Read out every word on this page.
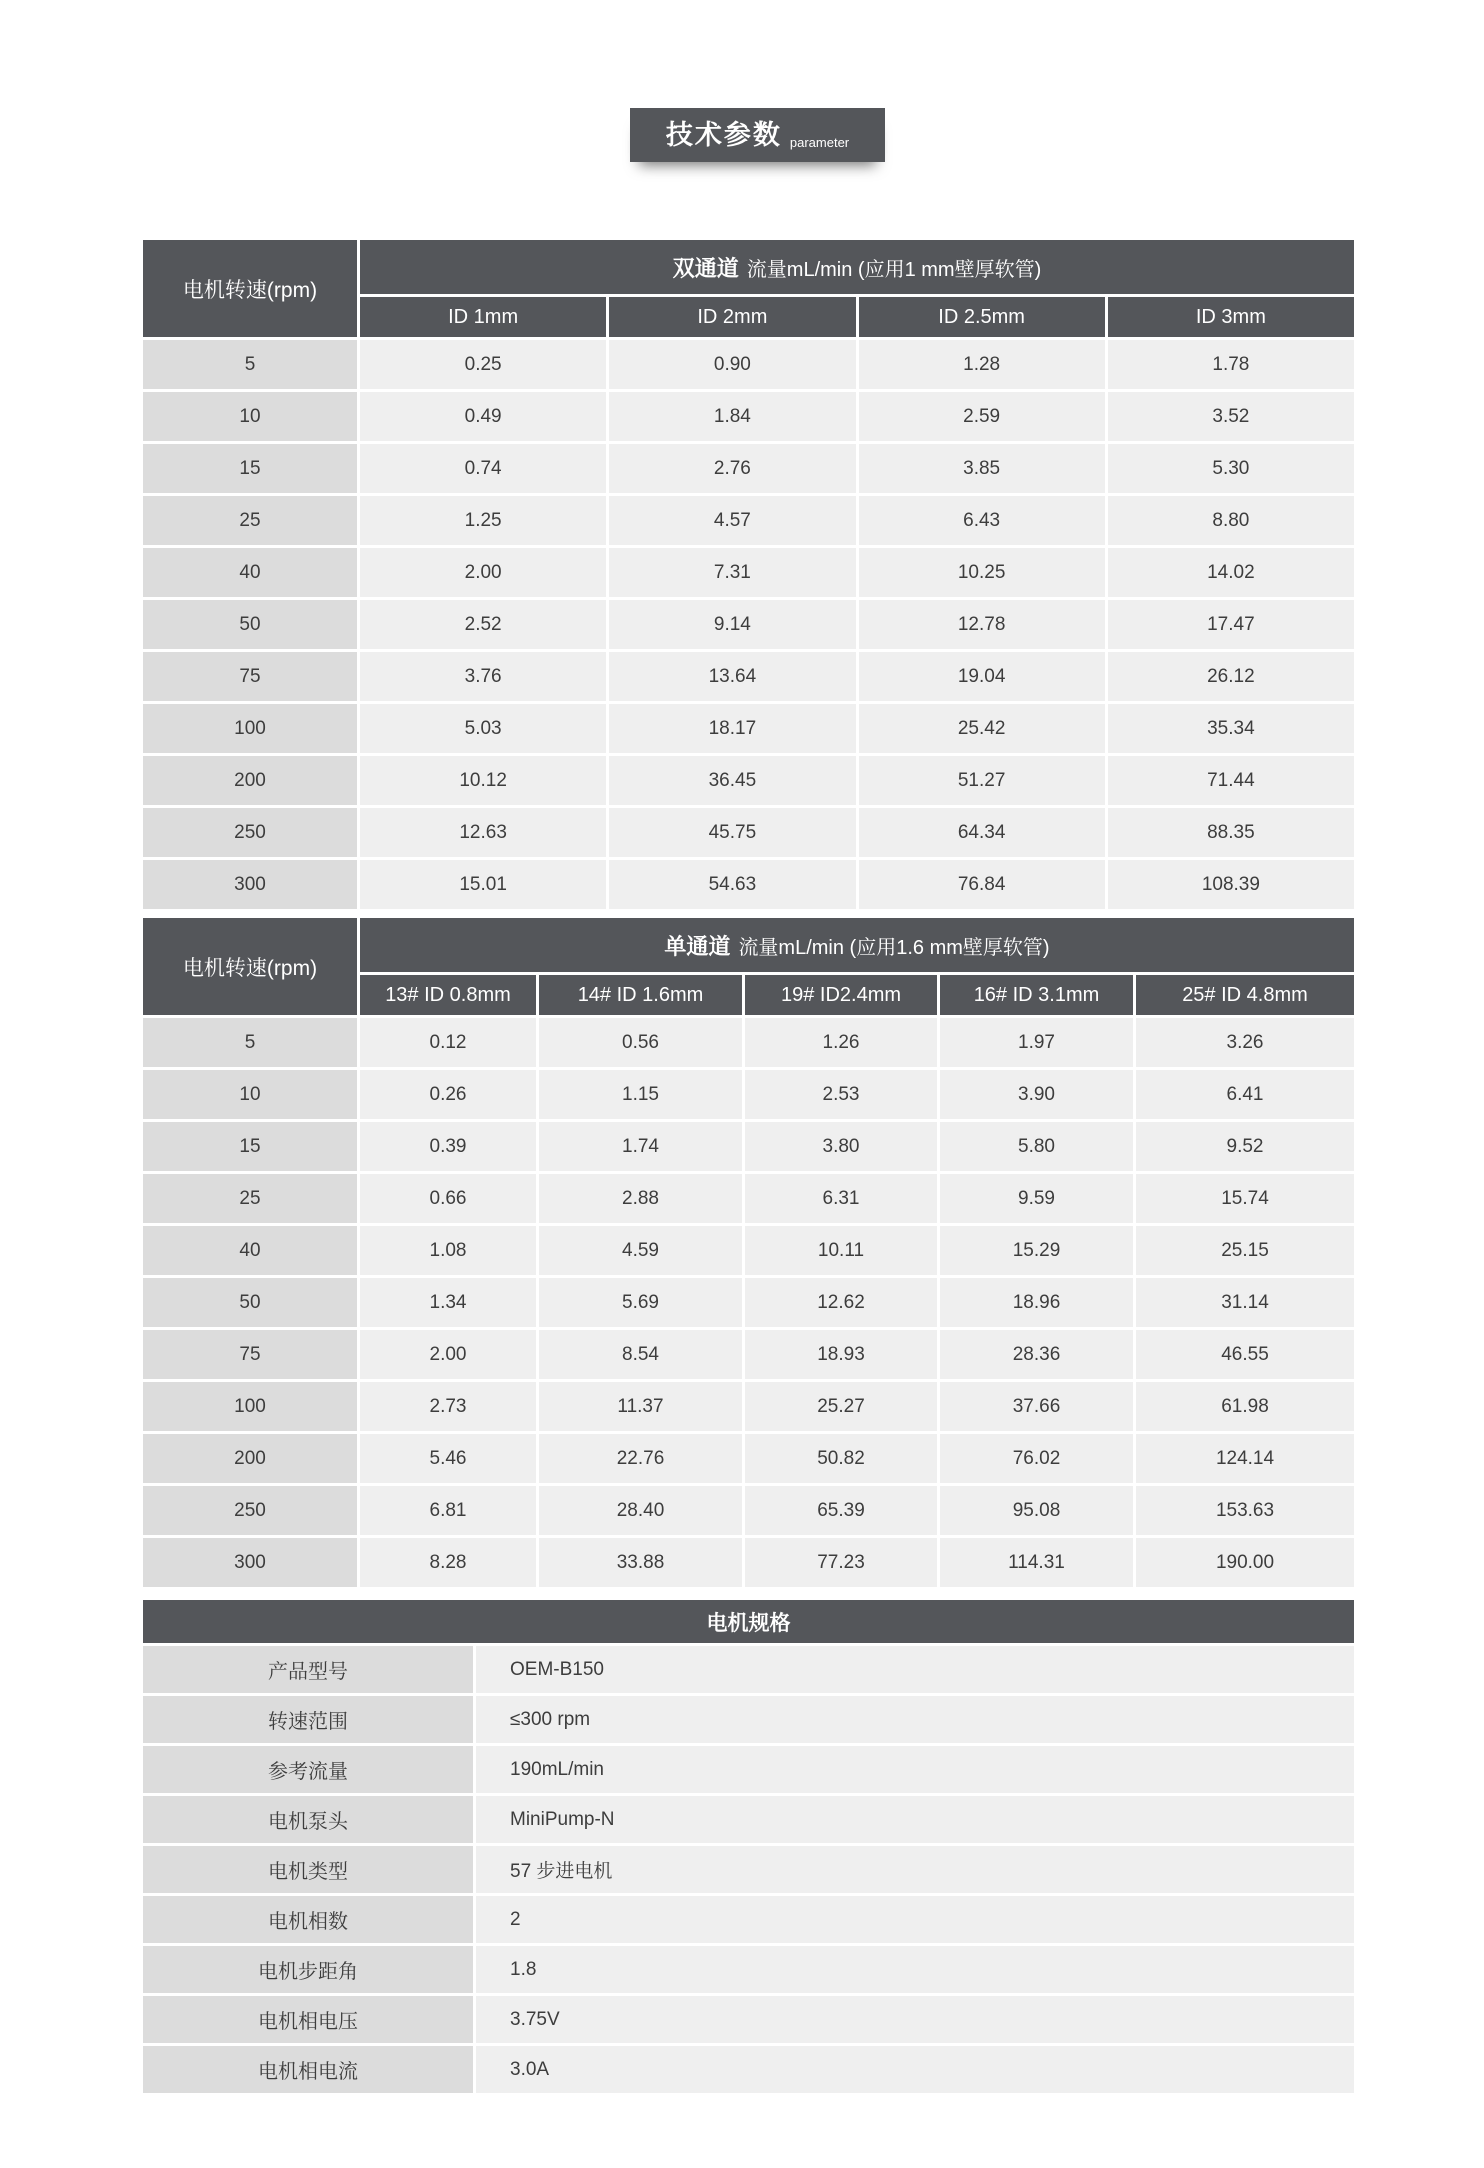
技术参数 parameter
电机转速(rpm)
双通道 流量mL/min (应用1 mm壁厚软管)
ID 1mm	ID 2mm	ID 2.5mm	ID 3mm
5	0.25	0.90	1.28	1.78
10	0.49	1.84	2.59	3.52
15	0.74	2.76	3.85	5.30
25	1.25	4.57	6.43	8.80
40	2.00	7.31	10.25	14.02
50	2.52	9.14	12.78	17.47
75	3.76	13.64	19.04	26.12
100	5.03	18.17	25.42	35.34
200	10.12	36.45	51.27	71.44
250	12.63	45.75	64.34	88.35
300	15.01	54.63	76.84	108.39
电机转速(rpm)
单通道 流量mL/min (应用1.6 mm壁厚软管)
13# ID 0.8mm	14# ID 1.6mm	19# ID2.4mm	16# ID 3.1mm	25# ID 4.8mm
5	0.12	0.56	1.26	1.97	3.26
10	0.26	1.15	2.53	3.90	6.41
15	0.39	1.74	3.80	5.80	9.52
25	0.66	2.88	6.31	9.59	15.74
40	1.08	4.59	10.11	15.29	25.15
50	1.34	5.69	12.62	18.96	31.14
75	2.00	8.54	18.93	28.36	46.55
100	2.73	11.37	25.27	37.66	61.98
200	5.46	22.76	50.82	76.02	124.14
250	6.81	28.40	65.39	95.08	153.63
300	8.28	33.88	77.23	114.31	190.00
电机规格
产品型号	OEM-B150
转速范围	≤300 rpm
参考流量	190mL/min
电机泵头	MiniPump-N
电机类型	57 步进电机
电机相数	2
电机步距角	1.8
电机相电压	3.75V
电机相电流	3.0A
